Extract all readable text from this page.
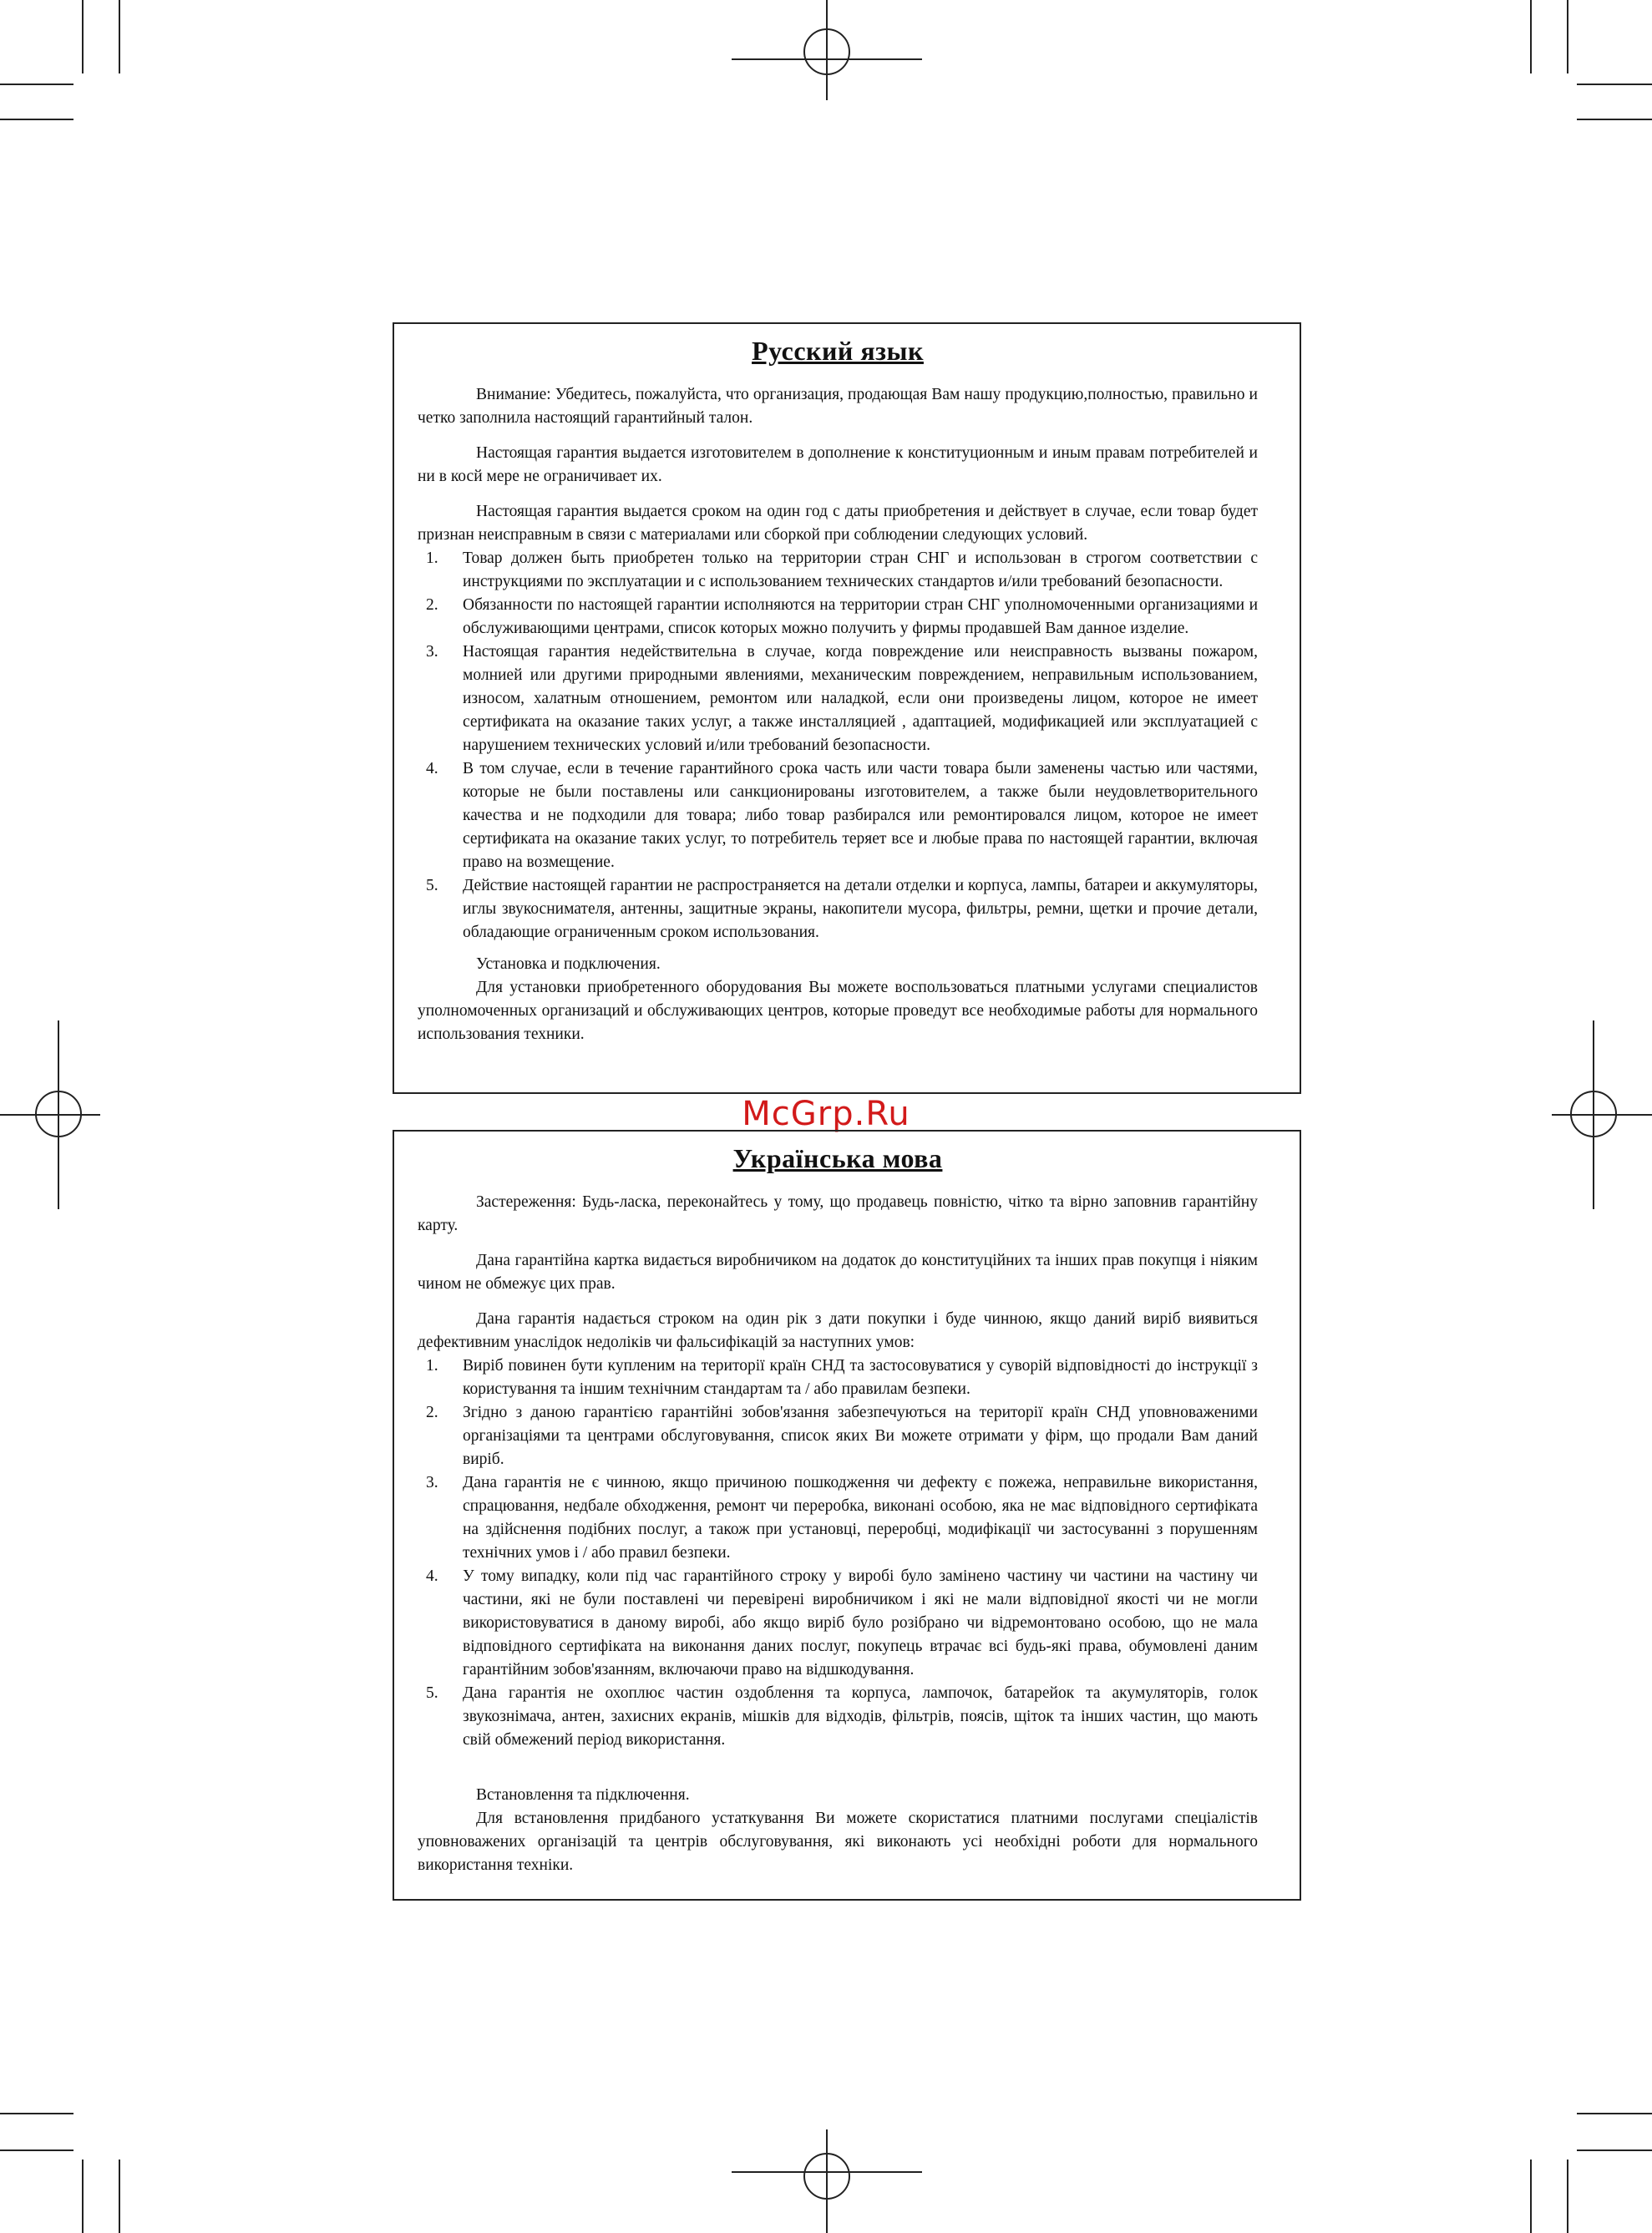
Русский язык

Внимание: Убедитесь, пожалуйста, что организация, продающая Вам нашу продукцию,полностью, правильно и четко заполнила настоящий гарантийный талон.

Настоящая гарантия выдается изготовителем в дополнение к конституционным и иным правам потребителей и ни в косй мере не ограничивает их.

Настоящая гарантия выдается сроком на один год с даты приобретения и действует в случае, если товар будет признан неисправным в связи с материалами или сборкой при соблюдении следующих условий.

1. Товар должен быть приобретен только на территории стран СНГ и использован в строгом соответствии с инструкциями по эксплуатации и с использованием технических стандартов и/или требований безопасности.
2. Обязанности по настоящей гарантии исполняются на территории стран СНГ уполномоченными организациями и обслуживающими центрами, список которых можно получить у фирмы продавшей Вам данное изделие.
3. Настоящая гарантия недействительна в случае, когда повреждение или неисправность вызваны пожаром, молнией или другими природными явлениями, механическим повреждением, неправильным использованием, износом, халатным отношением, ремонтом или наладкой, если они произведены лицом, которое не имеет сертификата на оказание таких услуг, а также инсталляцией , адаптацией, модификацией или эксплуатацией с нарушением технических условий и/или требований безопасности.
4. В том случае, если в течение гарантийного срока часть или части товара были заменены частью или частями, которые не были поставлены или санкционированы изготовителем, а также были неудовлетворительного качества и не подходили для товара; либо товар разбирался или ремонтировался лицом, которое не имеет сертификата на оказание таких услуг, то потребитель теряет все и любые права по настоящей гарантии, включая право на возмещение.
5. Действие настоящей гарантии не распространяется на детали отделки и корпуса, лампы, батареи и аккумуляторы, иглы звукоснимателя, антенны, защитные экраны, накопители мусора, фильтры, ремни, щетки и прочие детали, обладающие ограниченным сроком использования.

Установка и подключения.

Для установки приобретенного оборудования Вы можете воспользоваться платными услугами специалистов уполномоченных организаций и обслуживающих центров, которые проведут все необходимые работы для нормального использования техники.

McGrp.Ru
Українська мова

Застереження: Будь-ласка, переконайтесь у тому, що продавець повністю, чітко та вірно заповнив гарантійну карту.

Дана гарантійна картка видається виробничиком на додаток до конституційних та інших прав покупця і ніяким чином не обмежує цих прав.

Дана гарантія надається строком на один рік з дати покупки і буде чинною, якщо даний виріб виявиться дефективним унаслідок недоліків чи фальсифікацій за наступних умов:

1. Виріб повинен бути купленим на території країн СНД та застосовуватися у суворій відповідності до інструкції з користування та іншим технічним стандартам та / або правилам безпеки.
2. Згідно з даною гарантією гарантійні зобов'язання забезпечуються на території країн СНД уповноваженими організаціями та центрами обслуговування, список яких Ви можете отримати у фірм, що продали Вам даний виріб.
3. Дана гарантія не є чинною, якщо причиною пошкодження чи дефекту є пожежа, неправильне використання, спрацювання, недбале обходження, ремонт чи переробка, виконані особою, яка не має відповідного сертифіката на здійснення подібних послуг, а також при установці, переробці, модифікації чи застосуванні з порушенням технічних умов і / або правил безпеки.
4. У тому випадку, коли під час гарантійного строку у виробі було замінено частину чи частини на частину чи частини, які не були поставлені чи перевірені виробничиком і які не мали відповідної якості чи не могли використовуватися в даному виробі, або якщо виріб було розібрано чи відремонтовано особою, що не мала відповідного сертифіката на виконання даних послуг, покупець втрачає всі будь-які права, обумовлені даним гарантійним зобов'язанням, включаючи право на відшкодування.
5. Дана гарантія не охоплює частин оздоблення та корпуса, лампочок, батарейок та акумуляторів, голок звукознімача, антен, захисних екранів, мішків для відходів, фільтрів, поясів, щіток та інших частин, що мають свій обмежений період використання.

Встановлення та підключення.

Для встановлення придбаного устаткування Ви можете скористатися платними послугами спеціалістів уповноважених організацій та центрів обслуговування, які виконають усі необхідні роботи для нормального використання техніки.
